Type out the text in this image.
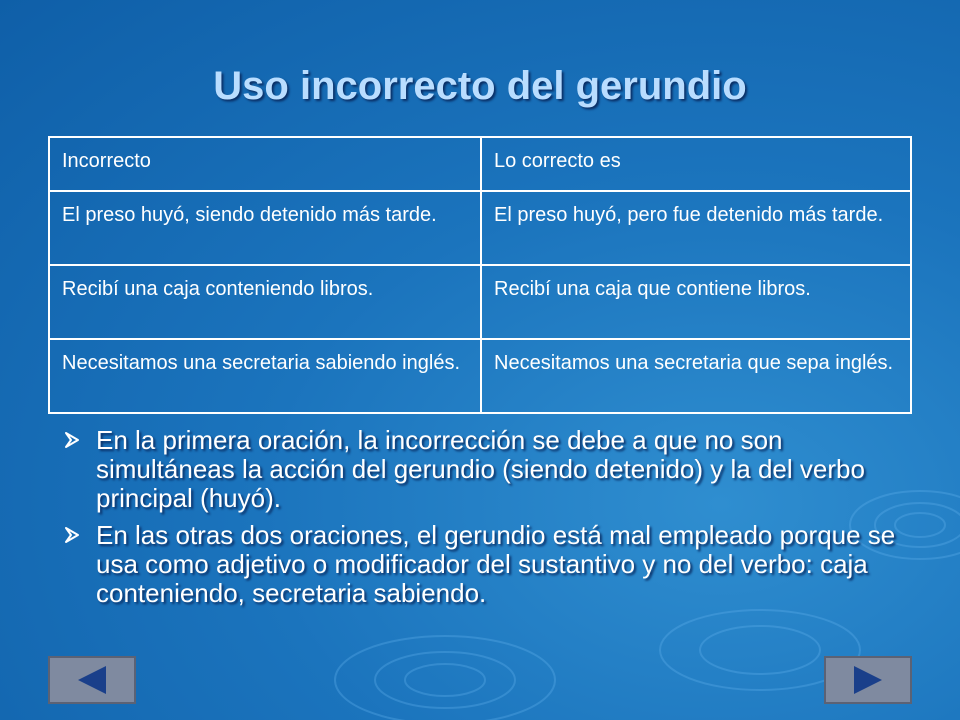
Uso incorrecto del gerundio
Incorrecto	Lo correcto es
El preso huyó, siendo detenido más tarde.	El preso huyó, pero fue detenido más tarde.
Recibí una caja conteniendo libros.	Recibí una caja que contiene libros.
Necesitamos una secretaria sabiendo inglés.	Necesitamos una secretaria que sepa inglés.
En la primera oración, la incorrección se debe a que no son simultáneas la acción del gerundio (siendo detenido) y la del verbo principal (huyó).
En las otras dos oraciones, el gerundio está mal empleado porque se usa como adjetivo o modificador del sustantivo y no del verbo: caja conteniendo, secretaria sabiendo.
